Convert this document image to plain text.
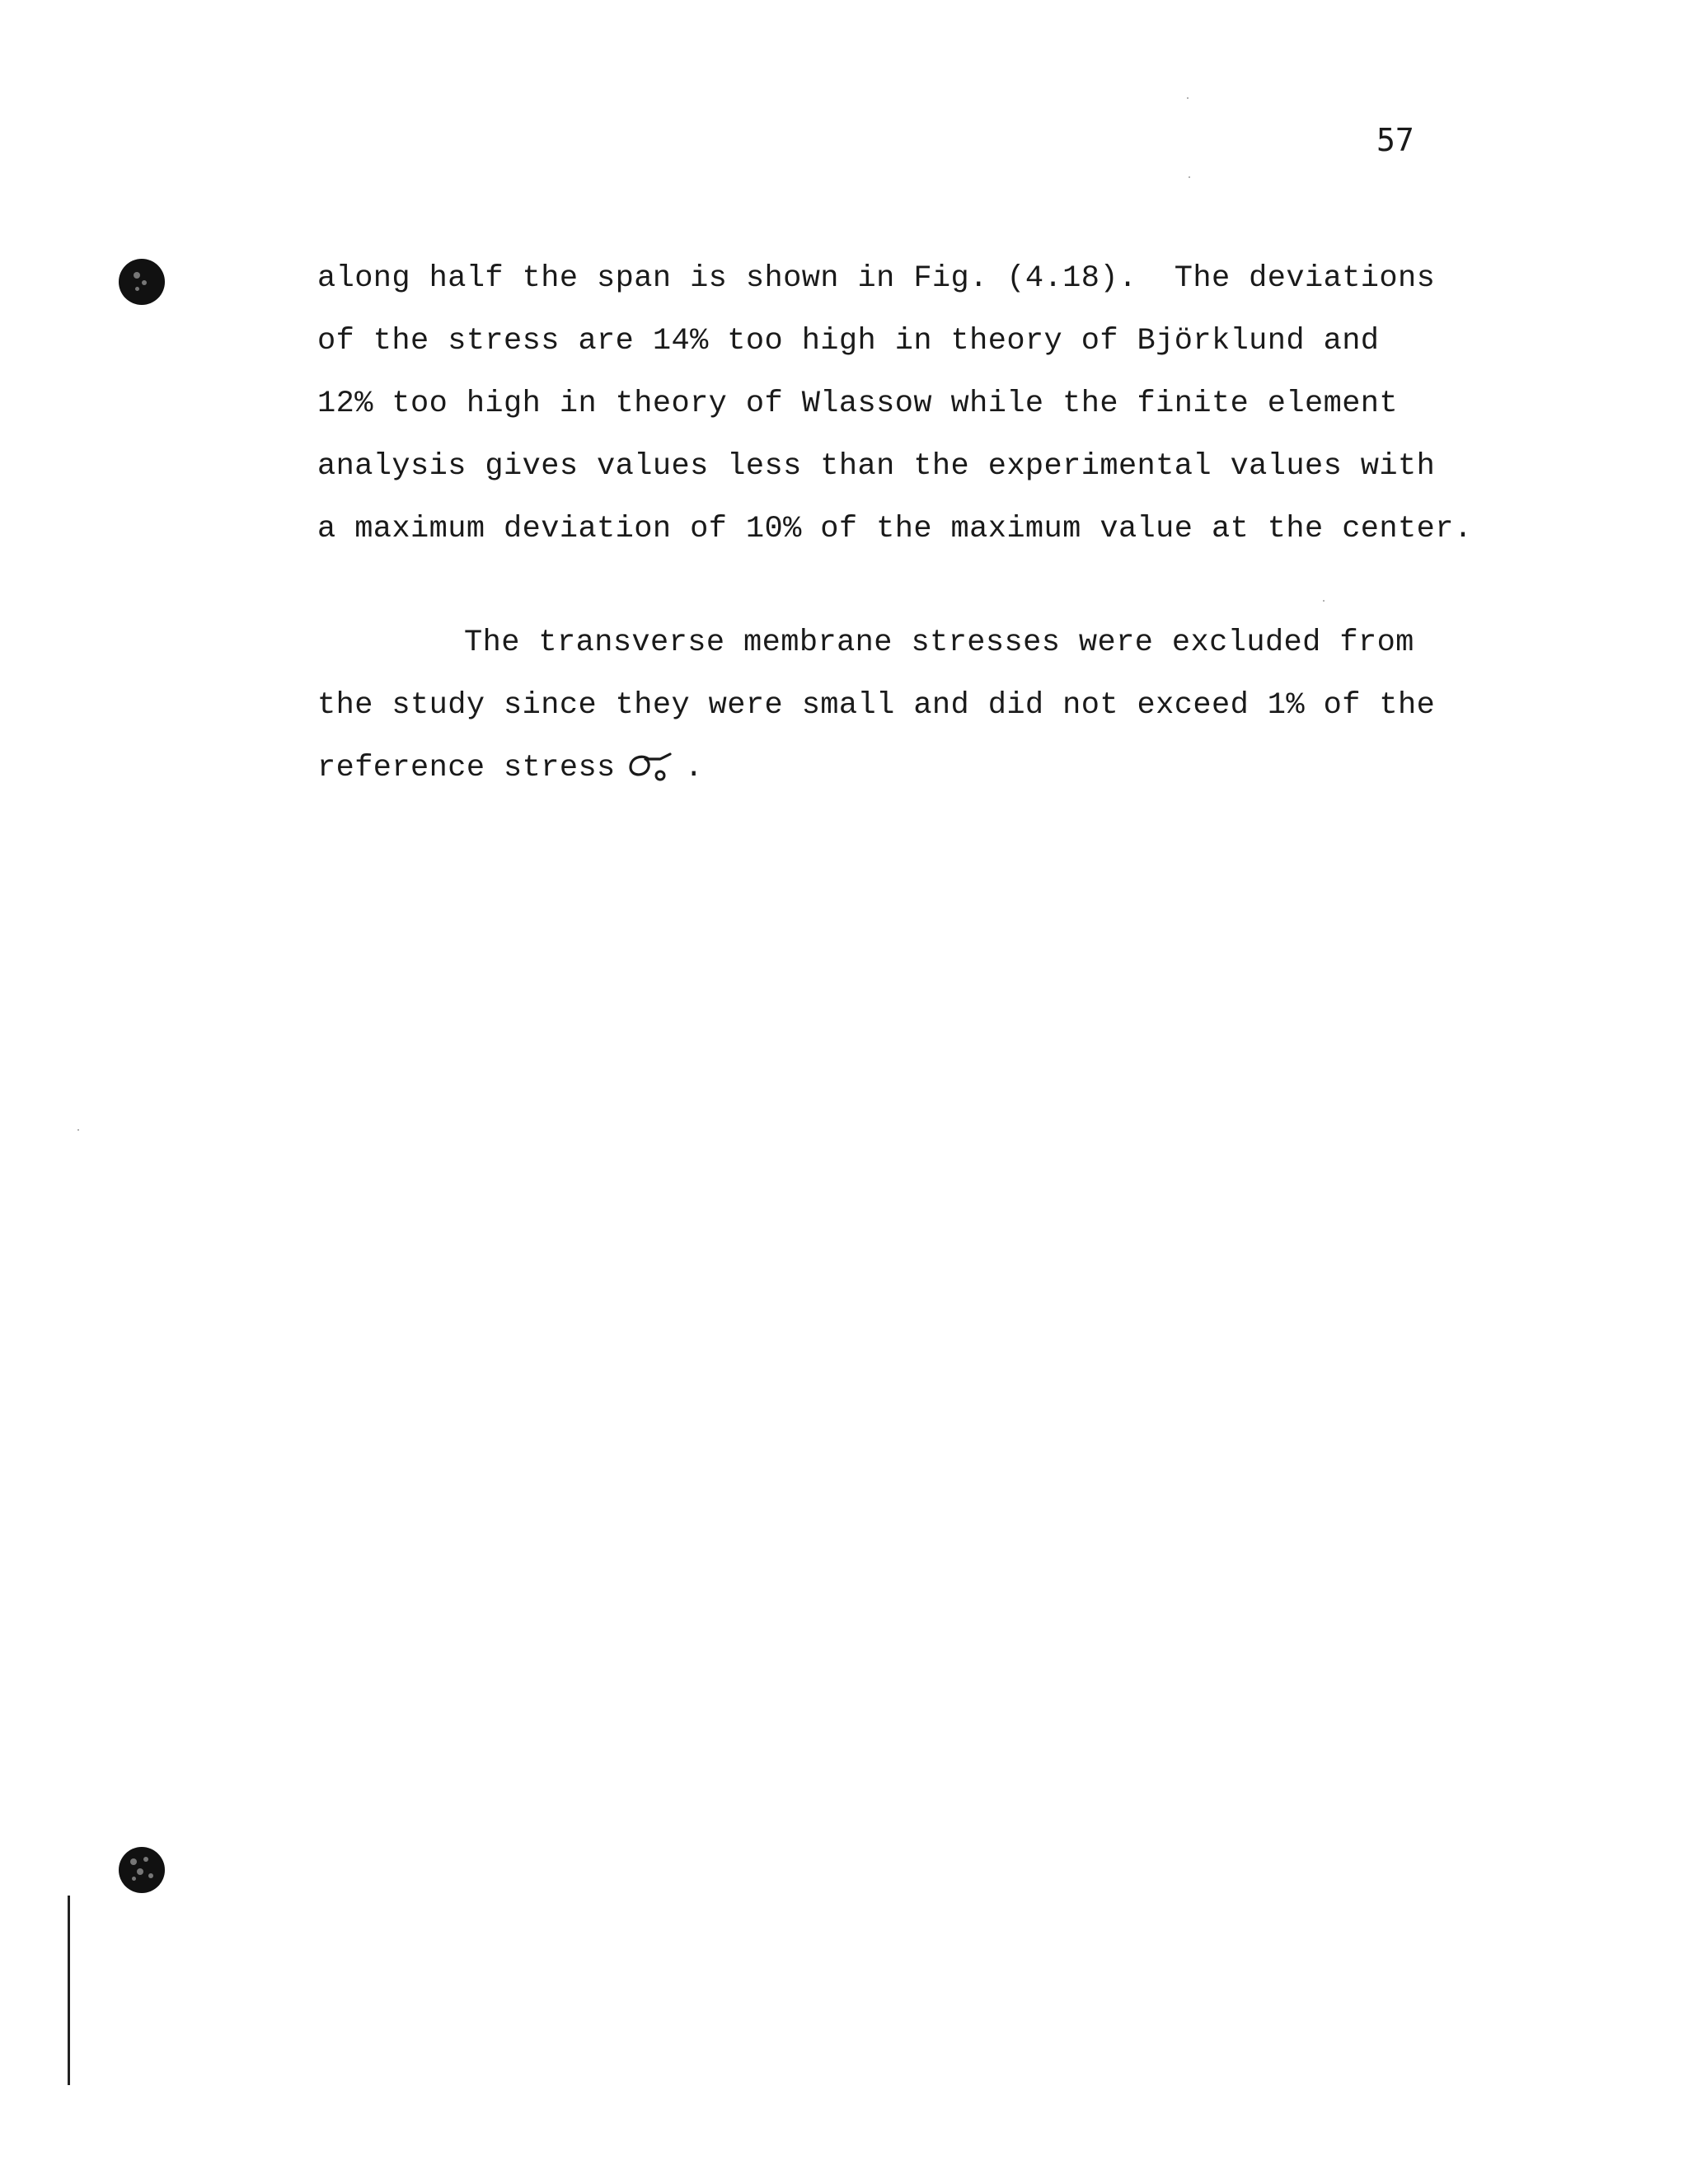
57
along half the span is shown in Fig. (4.18).  The deviations
of the stress are 14% too high in theory of Björklund and
12% too high in theory of Wlassow while the finite element
analysis gives values less than the experimental values with
a maximum deviation of 10% of the maximum value at the center.
The transverse membrane stresses were excluded from
the study since they were small and did not exceed 1% of the
reference stress .
